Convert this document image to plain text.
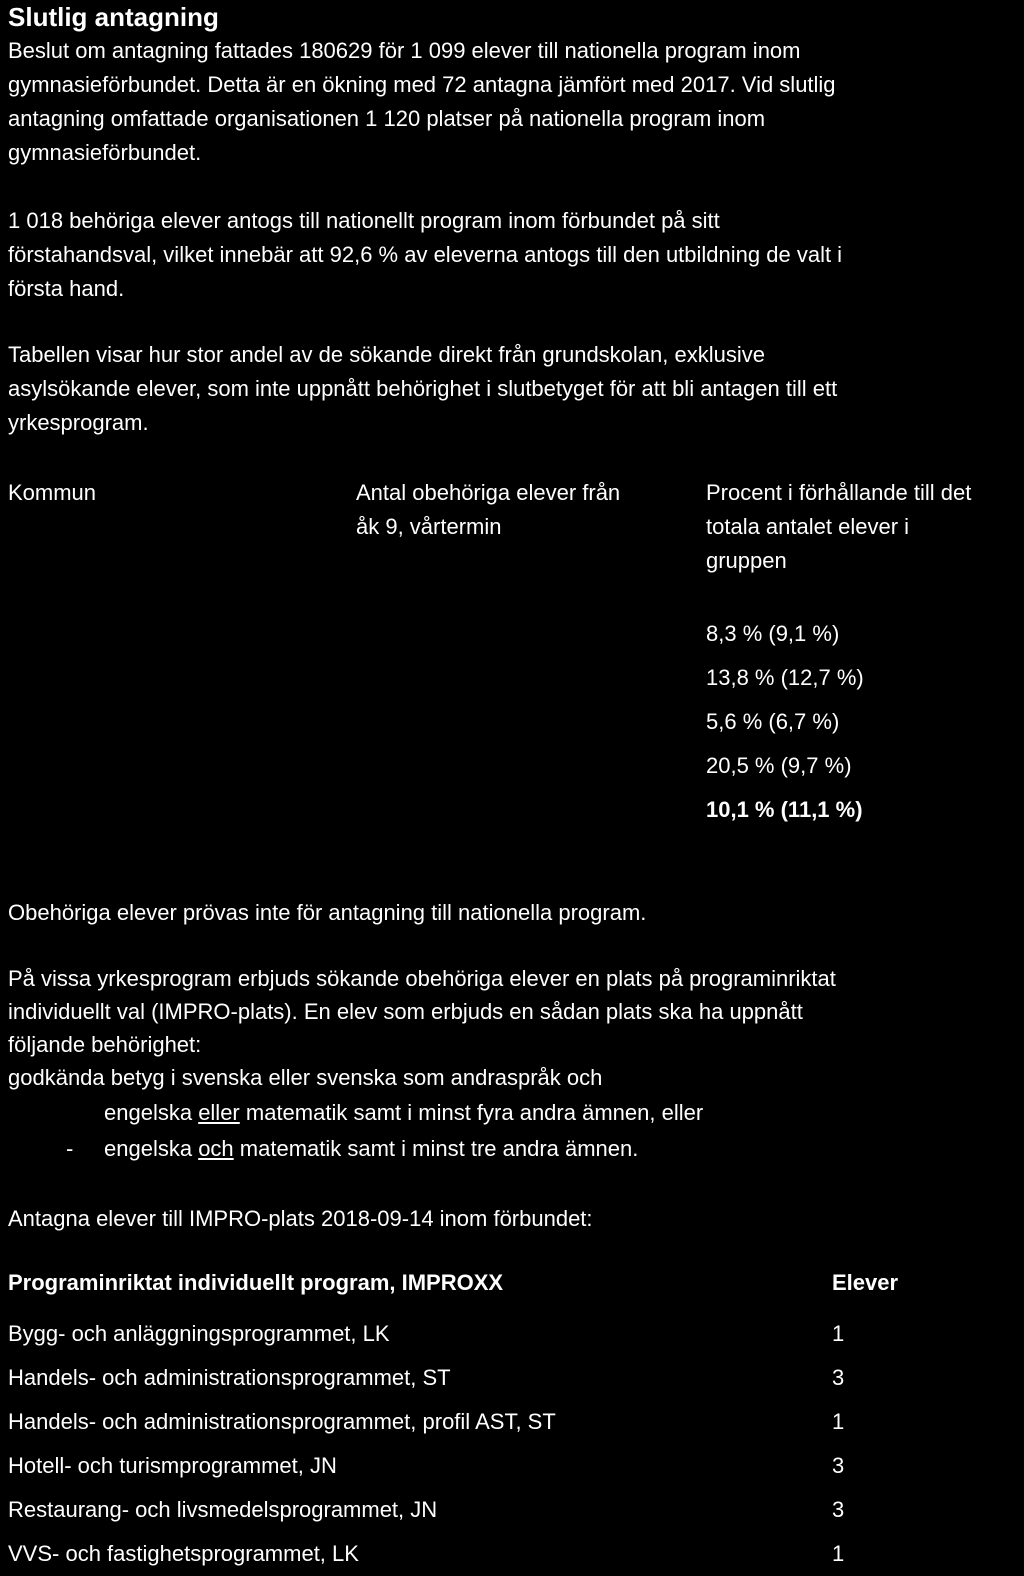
Slutlig antagning
Beslut om antagning fattades 180629 för 1 099 elever till nationella program inom
gymnasieförbundet. Detta är en ökning med 72 antagna jämfört med 2017. Vid slutlig
antagning omfattade organisationen 1 120 platser på nationella program inom
gymnasieförbundet.
1 018 behöriga elever antogs till nationellt program inom förbundet på sitt
förstahandsval, vilket innebär att 92,6 % av eleverna antogs till den utbildning de valt i
första hand.
Tabellen visar hur stor andel av de sökande direkt från grundskolan, exklusive
asylsökande elever, som inte uppnått behörighet i slutbetyget för att bli antagen till ett
yrkesprogram.
Kommun	Antal obehöriga elever från
åk 9, vårtermin
Procent i förhållande till det
totala antalet elever i
gruppen
8,3 % (9,1 %)
13,8 % (12,7 %)
5,6 % (6,7 %)
20,5 % (9,7 %)
10,1 % (11,1 %)
Obehöriga elever prövas inte för antagning till nationella program.
På vissa yrkesprogram erbjuds sökande obehöriga elever en plats på programinriktat
individuellt val (IMPRO-plats). En elev som erbjuds en sådan plats ska ha uppnått
följande behörighet:
godkända betyg i svenska eller svenska som andraspråk och
engelska eller matematik samt i minst fyra andra ämnen, eller
- engelska och matematik samt i minst tre andra ämnen.
Antagna elever till IMPRO-plats 2018-09-14 inom förbundet:
Programinriktat individuellt program, IMPROXX	Elever
Bygg- och anläggningsprogrammet, LK
Handels- och administrationsprogrammet, ST
Handels- och administrationsprogrammet, profil AST, ST
Hotell- och turismprogrammet, JN
Restaurang- och livsmedelsprogrammet, JN
VVS- och fastighetsprogrammet, LK
1
3
1
3
3
1
